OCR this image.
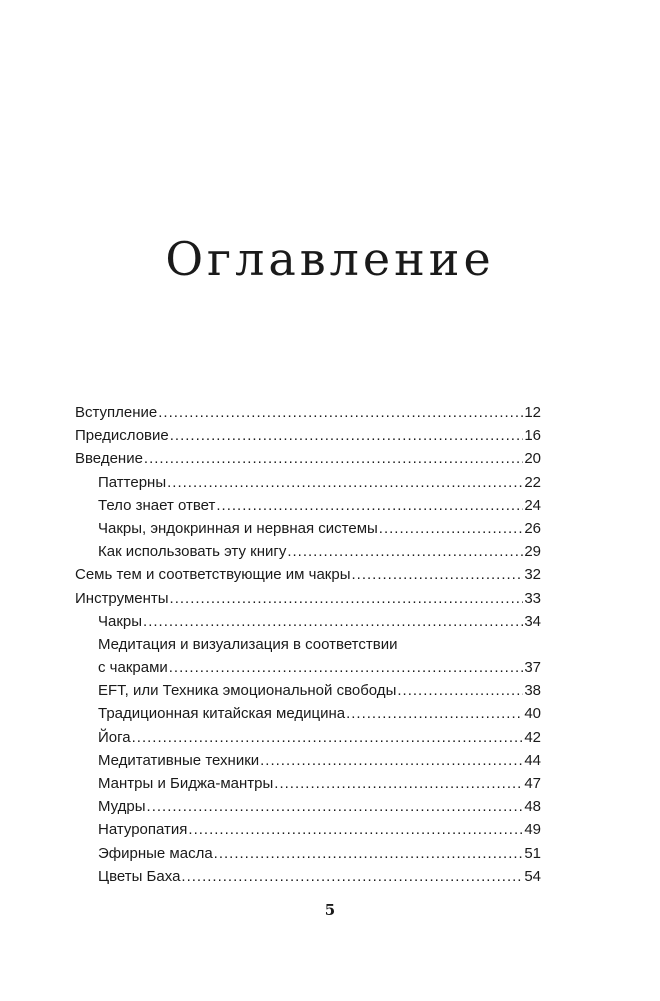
Оглавление
Вступление .....	12
Предисловие .....	16
Введение .....	20
Паттерны .....	22
Тело знает ответ .....	24
Чакры, эндокринная и нервная системы .....	26
Как использовать эту книгу .....	29
Семь тем и соответствующие им чакры .....	32
Инструменты .....	33
Чакры .....	34
Медитация и визуализация в соответствии
с чакрами .....	37
EFT, или Техника эмоциональной свободы .....	38
Традиционная китайская медицина .....	40
Йога .....	42
Медитативные техники .....	44
Мантры и Биджа-мантры .....	47
Мудры .....	48
Натуропатия .....	49
Эфирные масла .....	51
Цветы Баха .....	54
5
